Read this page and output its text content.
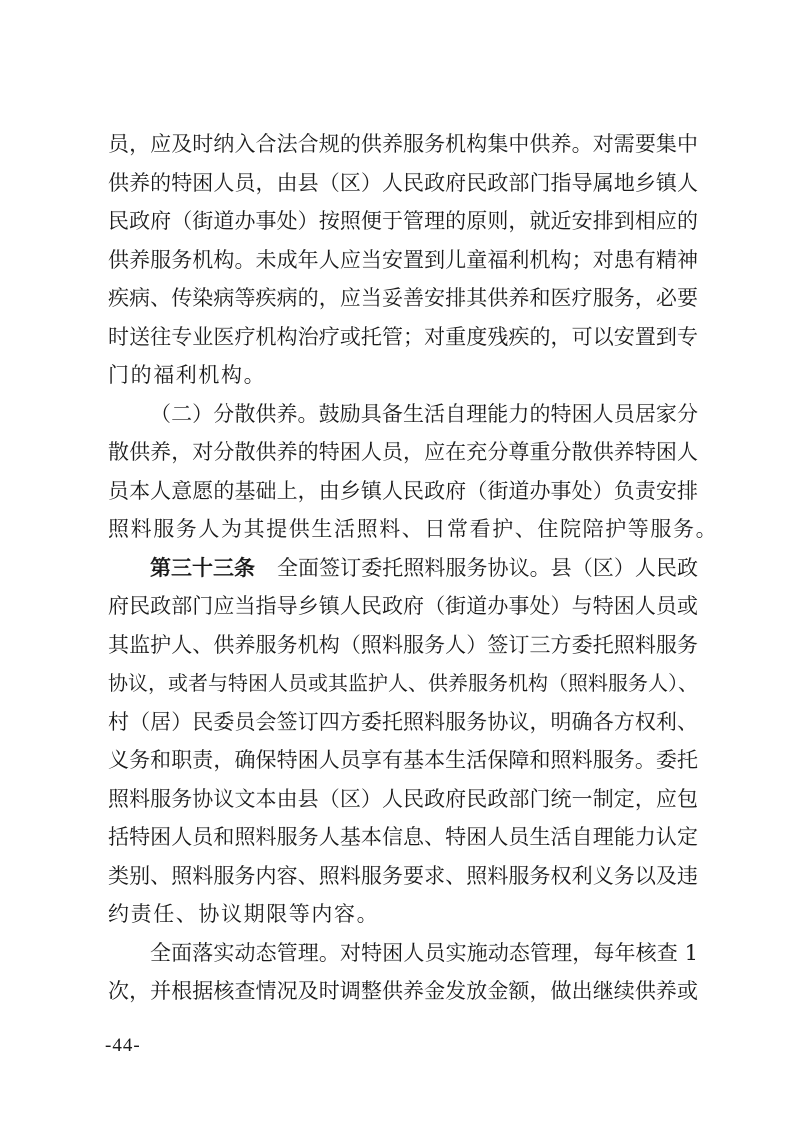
员，应及时纳入合法合规的供养服务机构集中供养。对需要集中
供养的特困人员，由县（区）人民政府民政部门指导属地乡镇人
民政府（街道办事处）按照便于管理的原则，就近安排到相应的
供养服务机构。未成年人应当安置到儿童福利机构；对患有精神
疾病、传染病等疾病的，应当妥善安排其供养和医疗服务，必要
时送往专业医疗机构治疗或托管；对重度残疾的，可以安置到专
门的福利机构。
（二）分散供养。鼓励具备生活自理能力的特困人员居家分
散供养，对分散供养的特困人员，应在充分尊重分散供养特困人
员本人意愿的基础上，由乡镇人民政府（街道办事处）负责安排
照料服务人为其提供生活照料、日常看护、住院陪护等服务。
第三十三条 全面签订委托照料服务协议。县（区）人民政
府民政部门应当指导乡镇人民政府（街道办事处）与特困人员或
其监护人、供养服务机构（照料服务人）签订三方委托照料服务
协议，或者与特困人员或其监护人、供养服务机构（照料服务人）、
村（居）民委员会签订四方委托照料服务协议，明确各方权利、
义务和职责，确保特困人员享有基本生活保障和照料服务。委托
照料服务协议文本由县（区）人民政府民政部门统一制定，应包
括特困人员和照料服务人基本信息、特困人员生活自理能力认定
类别、照料服务内容、照料服务要求、照料服务权利义务以及违
约责任、协议期限等内容。
全面落实动态管理。对特困人员实施动态管理，每年核查 1
次，并根据核查情况及时调整供养金发放金额，做出继续供养或
-44-
